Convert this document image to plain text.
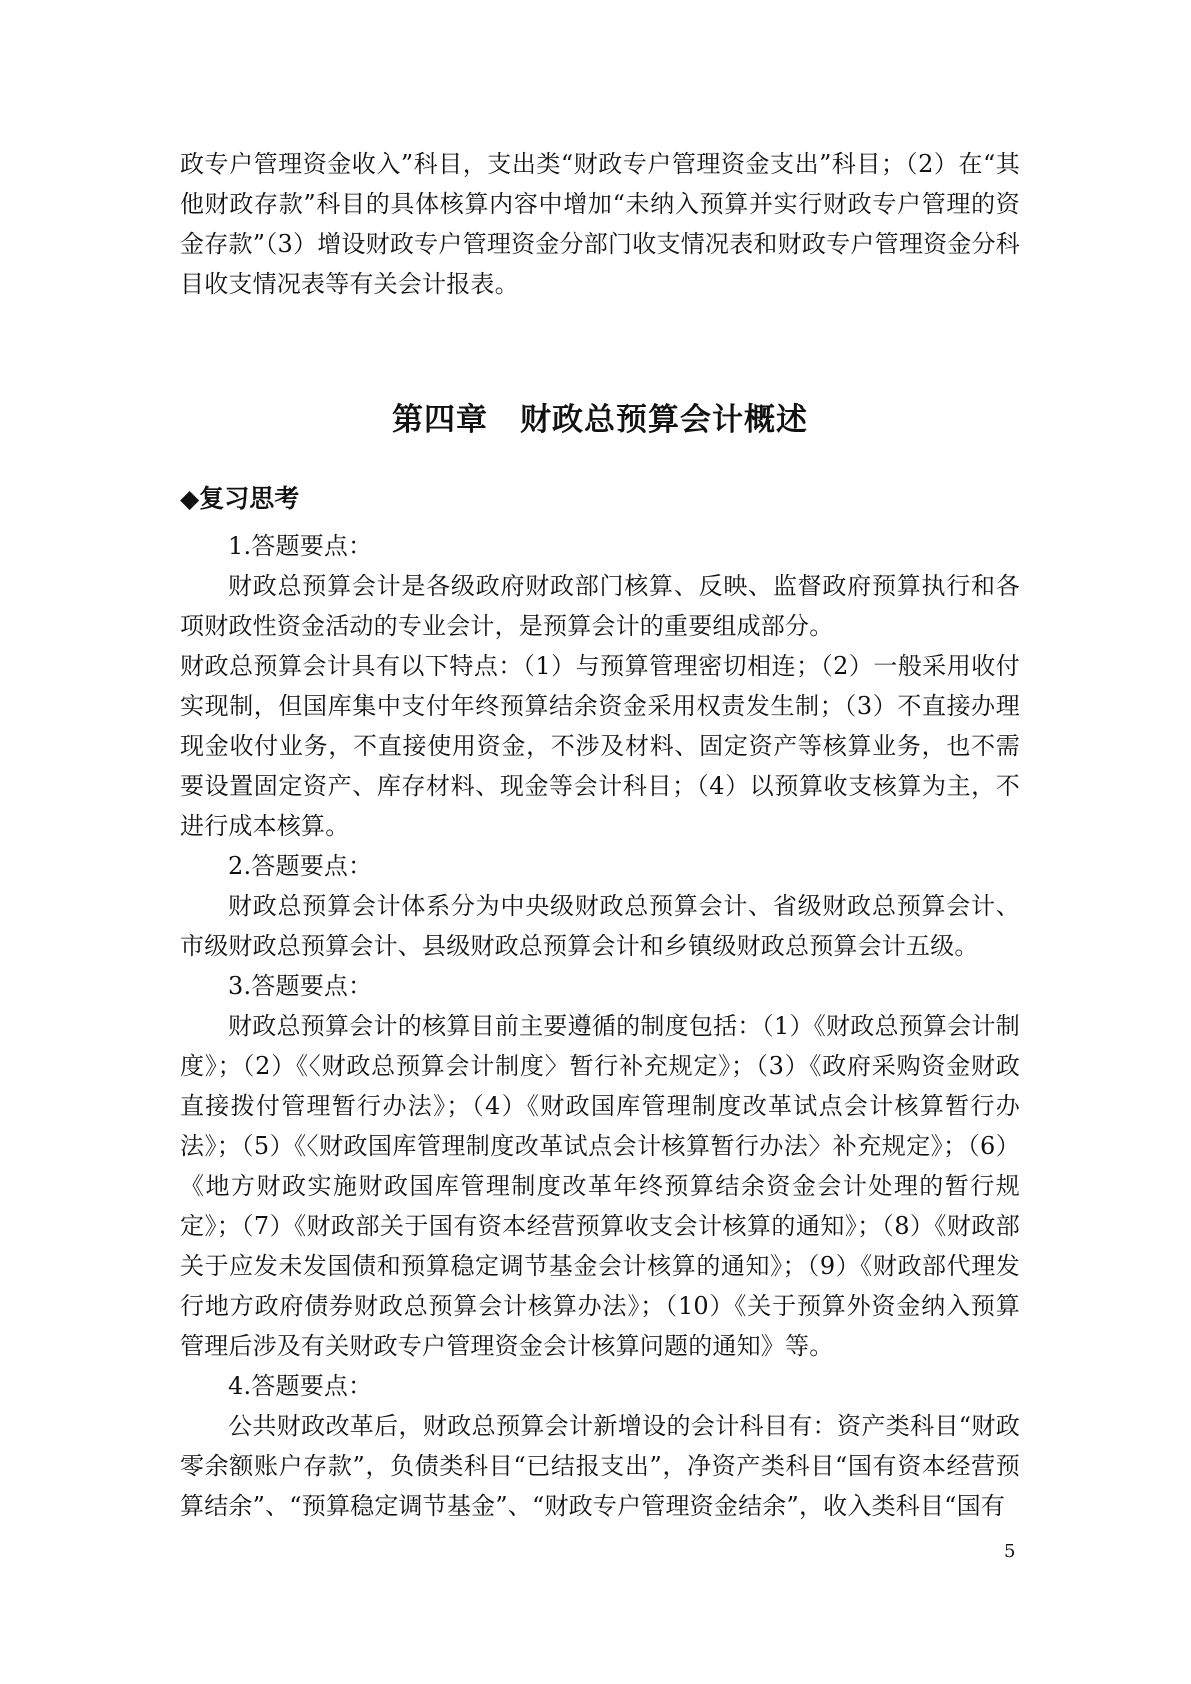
政专户管理资金收入”科目，支出类“财政专户管理资金支出”科目；（2）在“其他财政存款”科目的具体核算内容中增加“未纳入预算并实行财政专户管理的资金存款”（3）增设财政专户管理资金分部门收支情况表和财政专户管理资金分科目收支情况表等有关会计报表。

第四章　财政总预算会计概述
◆复习思考

1.答题要点：

财政总预算会计是各级政府财政部门核算、反映、监督政府预算执行和各项财政性资金活动的专业会计，是预算会计的重要组成部分。

财政总预算会计具有以下特点：（1）与预算管理密切相连；（2）一般采用收付实现制，但国库集中支付年终预算结余资金采用权责发生制；（3）不直接办理现金收付业务，不直接使用资金，不涉及材料、固定资产等核算业务，也不需要设置固定资产、库存材料、现金等会计科目；（4）以预算收支核算为主，不进行成本核算。

2.答题要点：

财政总预算会计体系分为中央级财政总预算会计、省级财政总预算会计、市级财政总预算会计、县级财政总预算会计和乡镇级财政总预算会计五级。

3.答题要点：

财政总预算会计的核算目前主要遵循的制度包括：（1）《财政总预算会计制度》；（2）《〈财政总预算会计制度〉暂行补充规定》；（3）《政府采购资金财政直接拨付管理暂行办法》；（4）《财政国库管理制度改革试点会计核算暂行办法》；（5）《〈财政国库管理制度改革试点会计核算暂行办法〉补充规定》；（6）《地方财政实施财政国库管理制度改革年终预算结余资金会计处理的暂行规定》；（7）《财政部关于国有资本经营预算收支会计核算的通知》；（8）《财政部关于应发未发国债和预算稳定调节基金会计核算的通知》；（9）《财政部代理发行地方政府债券财政总预算会计核算办法》；（10）《关于预算外资金纳入预算管理后涉及有关财政专户管理资金会计核算问题的通知》等。

4.答题要点：

公共财政改革后，财政总预算会计新增设的会计科目有：资产类科目“财政零余额账户存款”，负债类科目“已结报支出”，净资产类科目“国有资本经营预算结余”、“预算稳定调节基金”、“财政专户管理资金结余”，收入类科目“国有

5
